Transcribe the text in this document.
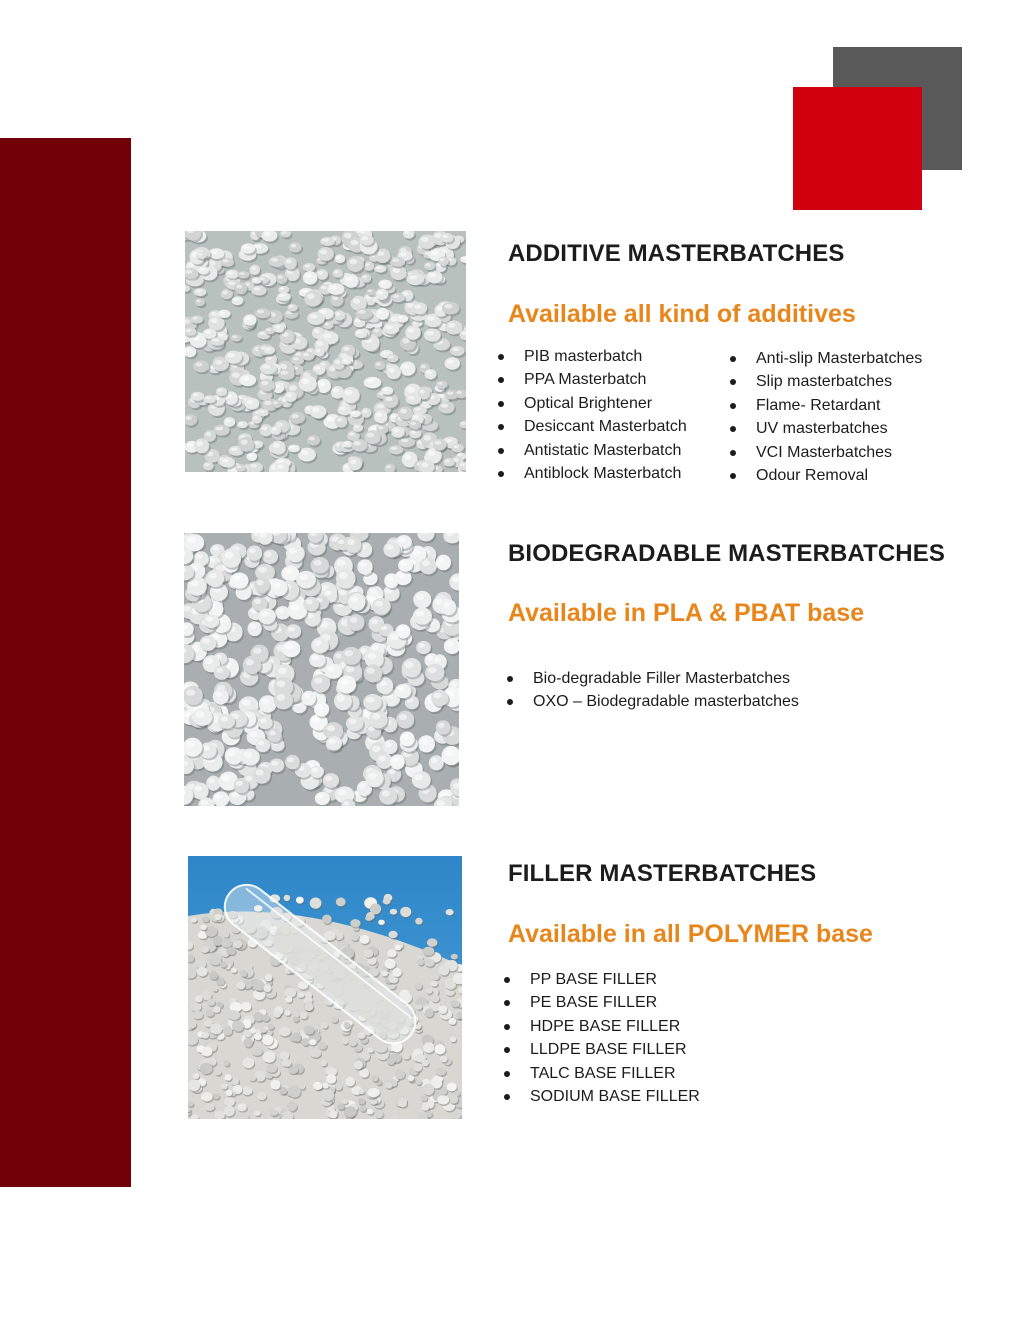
ADDITIVE MASTERBATCHES
Available all kind of additives
PIB masterbatch
PPA Masterbatch
Optical Brightener
Desiccant Masterbatch
Antistatic Masterbatch
Antiblock Masterbatch
Anti-slip Masterbatches
Slip masterbatches
Flame- Retardant
UV masterbatches
VCI Masterbatches
Odour Removal
BIODEGRADABLE MASTERBATCHES
Available in PLA & PBAT base
Bio-degradable Filler Masterbatches
OXO – Biodegradable masterbatches
FILLER MASTERBATCHES
Available in all POLYMER base
PP BASE FILLER
PE BASE FILLER
HDPE BASE FILLER
LLDPE BASE FILLER
TALC BASE FILLER
SODIUM BASE FILLER
